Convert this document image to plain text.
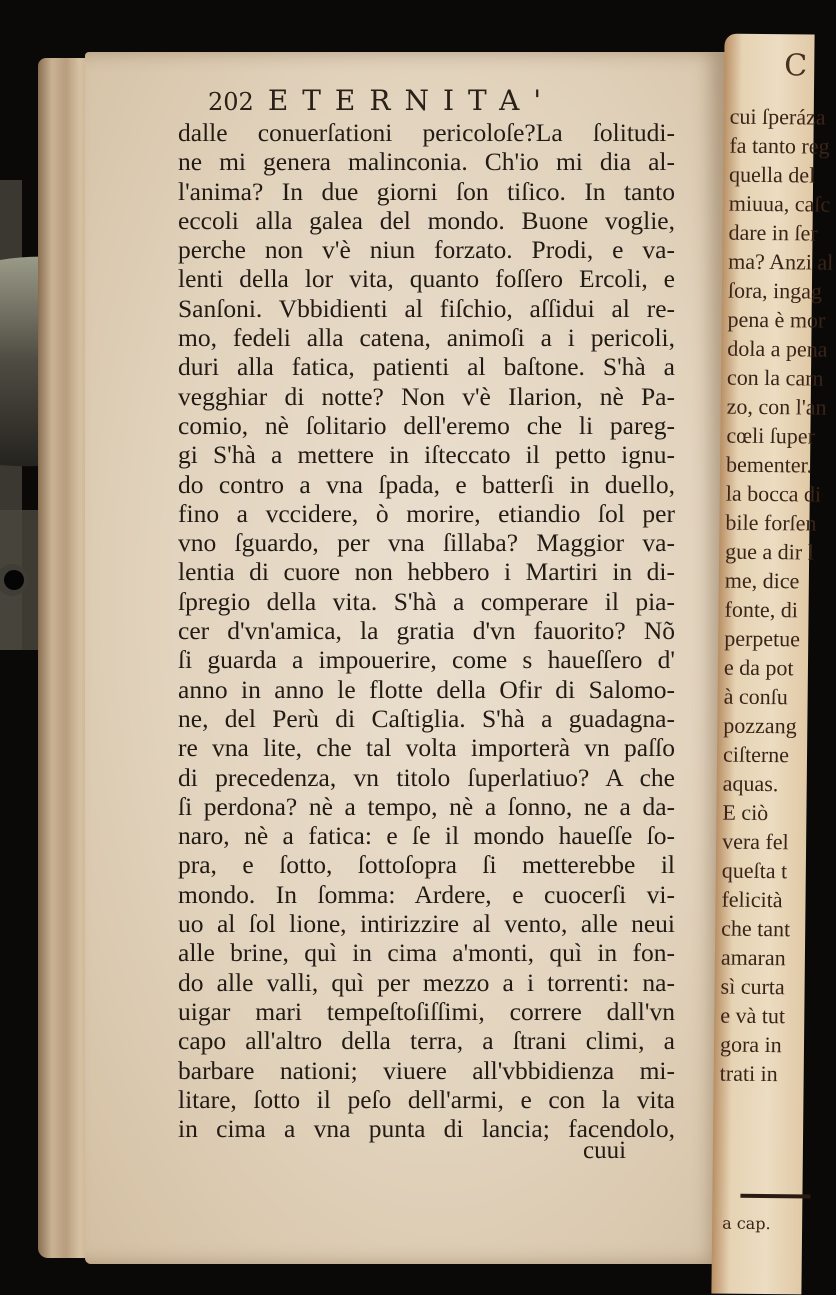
202 ETERNITA'
dalle conuerſationi pericoloſe?La ſolitudi-
ne mi genera malinconia. Ch'io mi dia al-
l'anima? In due giorni ſon tiſico. In tanto
eccoli alla galea del mondo. Buone voglie,
perche non v'è niun forzato. Prodi, e va-
lenti della lor vita, quanto foſſero Ercoli, e
Sanſoni. Vbbidienti al fiſchio, aſſidui al re-
mo, fedeli alla catena, animoſi a i pericoli,
duri alla fatica, patienti al baſtone. S'hà a
vegghiar di notte? Non v'è Ilarion, nè Pa-
comio, nè ſolitario dell'eremo che li pareg-
gi S'hà a mettere in iſteccato il petto ignu-
do contro a vna ſpada, e batterſi in duello,
fino a vccidere, ò morire, etiandio ſol per
vno ſguardo, per vna ſillaba? Maggior va-
lentia di cuore non hebbero i Martiri in di-
ſpregio della vita. S'hà a comperare il pia-
cer d'vn'amica, la gratia d'vn fauorito? Nõ
ſi guarda a impouerire, come s haueſſero d'
anno in anno le flotte della Ofir di Salomo-
ne, del Perù di Caſtiglia. S'hà a guadagna-
re vna lite, che tal volta importerà vn paſſo
di precedenza, vn titolo ſuperlatiuo? A che
ſi perdona? nè a tempo, nè a ſonno, ne a da-
naro, nè a fatica: e ſe il mondo haueſſe ſo-
pra, e ſotto, ſottoſopra ſi metterebbe il
mondo. In ſomma: Ardere, e cuocerſi vi-
uo al ſol lione, intirizzire al vento, alle neui
alle brine, quì in cima a'monti, quì in fon-
do alle valli, quì per mezzo a i torrenti: na-
uigar mari tempeſtoſiſſimi, correre dall'vn
capo all'altro della terra, a ſtrani climi, a
barbare nationi; viuere all'vbbidienza mi-
litare, ſotto il peſo dell'armi, e con la vita
in cima a vna punta di lancia; facendolo,
cuui
C
cui ſperáza
fa tanto reg
quella del
miuua, caſc
dare in ſer
ma? Anzi al
ſora, ingag
pena è mor
dola a pena
con la carn
zo, con l'an
cœli ſuper
bementer.
la bocca di
bile forſen
gue a dir l
me, dice
fonte, di
perpetue
e da pot
à conſu
pozzang
ciſterne
aquas.
E ciò
vera fel
queſta t
felicità
che tant
amaran
sì curta
e và tut
gora in
trati in
a cap.
